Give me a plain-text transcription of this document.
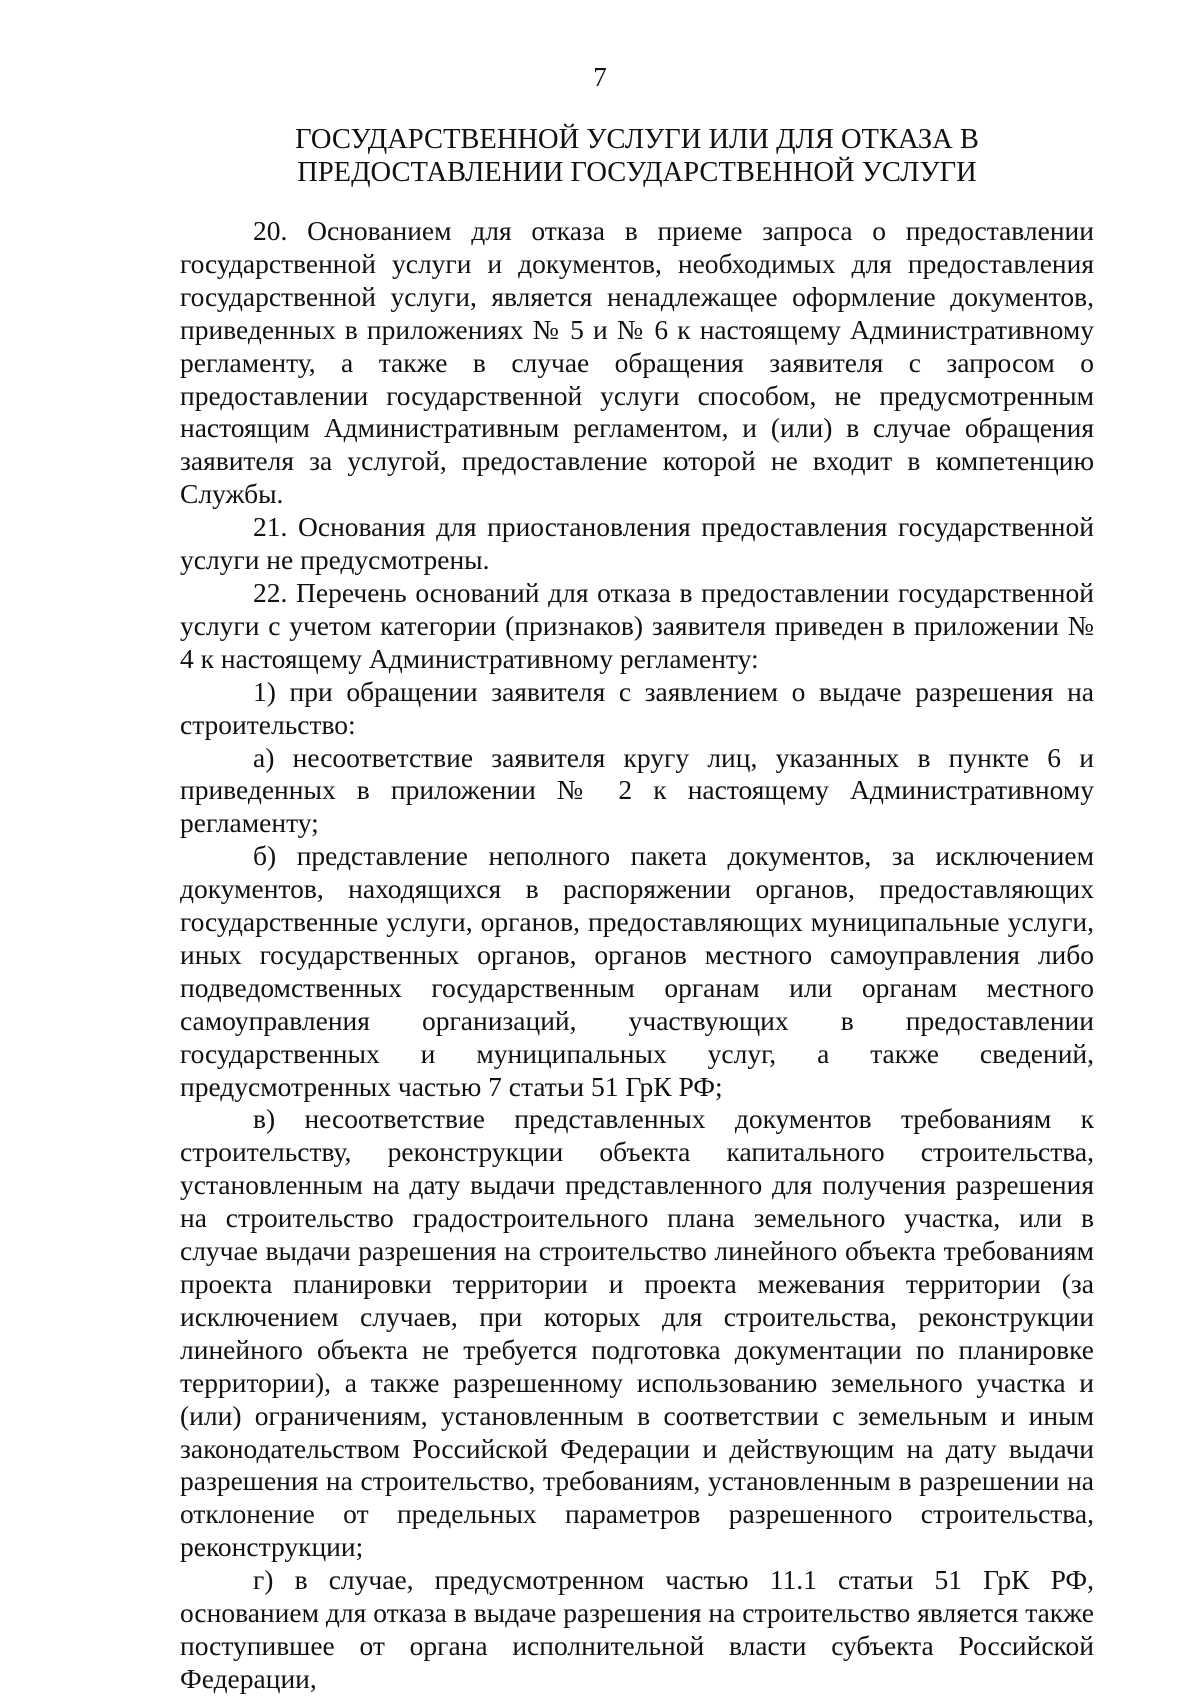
7
ГОСУДАРСТВЕННОЙ УСЛУГИ ИЛИ ДЛЯ ОТКАЗА В
ПРЕДОСТАВЛЕНИИ ГОСУДАРСТВЕННОЙ УСЛУГИ

20. Основанием для отказа в приеме запроса о предоставлении государственной услуги и документов, необходимых для предоставления государственной услуги, является ненадлежащее оформление документов, приведенных в приложениях № 5 и № 6 к настоящему Административному регламенту, а также в случае обращения заявителя с запросом о предоставлении государственной услуги способом, не предусмотренным настоящим Административным регламентом, и (или) в случае обращения заявителя за услугой, предоставление которой не входит в компетенцию Службы.

21. Основания для приостановления предоставления государственной услуги не предусмотрены.

22. Перечень оснований для отказа в предоставлении государственной услуги с учетом категории (признаков) заявителя приведен в приложении № 4 к настоящему Административному регламенту:

1) при обращении заявителя с заявлением о выдаче разрешения на строительство:

а) несоответствие заявителя кругу лиц, указанных в пункте 6 и приведенных в приложении № 2 к настоящему Административному регламенту;

б) представление неполного пакета документов, за исключением документов, находящихся в распоряжении органов, предоставляющих государственные услуги, органов, предоставляющих муниципальные услуги, иных государственных органов, органов местного самоуправления либо подведомственных государственным органам или органам местного самоуправления организаций, участвующих в предоставлении государственных и муниципальных услуг, а также сведений, предусмотренных частью 7 статьи 51 ГрК РФ;

в) несоответствие представленных документов требованиям к строительству, реконструкции объекта капитального строительства, установленным на дату выдачи представленного для получения разрешения на строительство градостроительного плана земельного участка, или в случае выдачи разрешения на строительство линейного объекта требованиям проекта планировки территории и проекта межевания территории (за исключением случаев, при которых для строительства, реконструкции линейного объекта не требуется подготовка документации по планировке территории), а также разрешенному использованию земельного участка и (или) ограничениям, установленным в соответствии с земельным и иным законодательством Российской Федерации и действующим на дату выдачи разрешения на строительство, требованиям, установленным в разрешении на отклонение от предельных параметров разрешенного строительства, реконструкции;

г) в случае, предусмотренном частью 11.1 статьи 51 ГрК РФ, основанием для отказа в выдаче разрешения на строительство является также поступившее от органа исполнительной власти субъекта Российской Федерации,
